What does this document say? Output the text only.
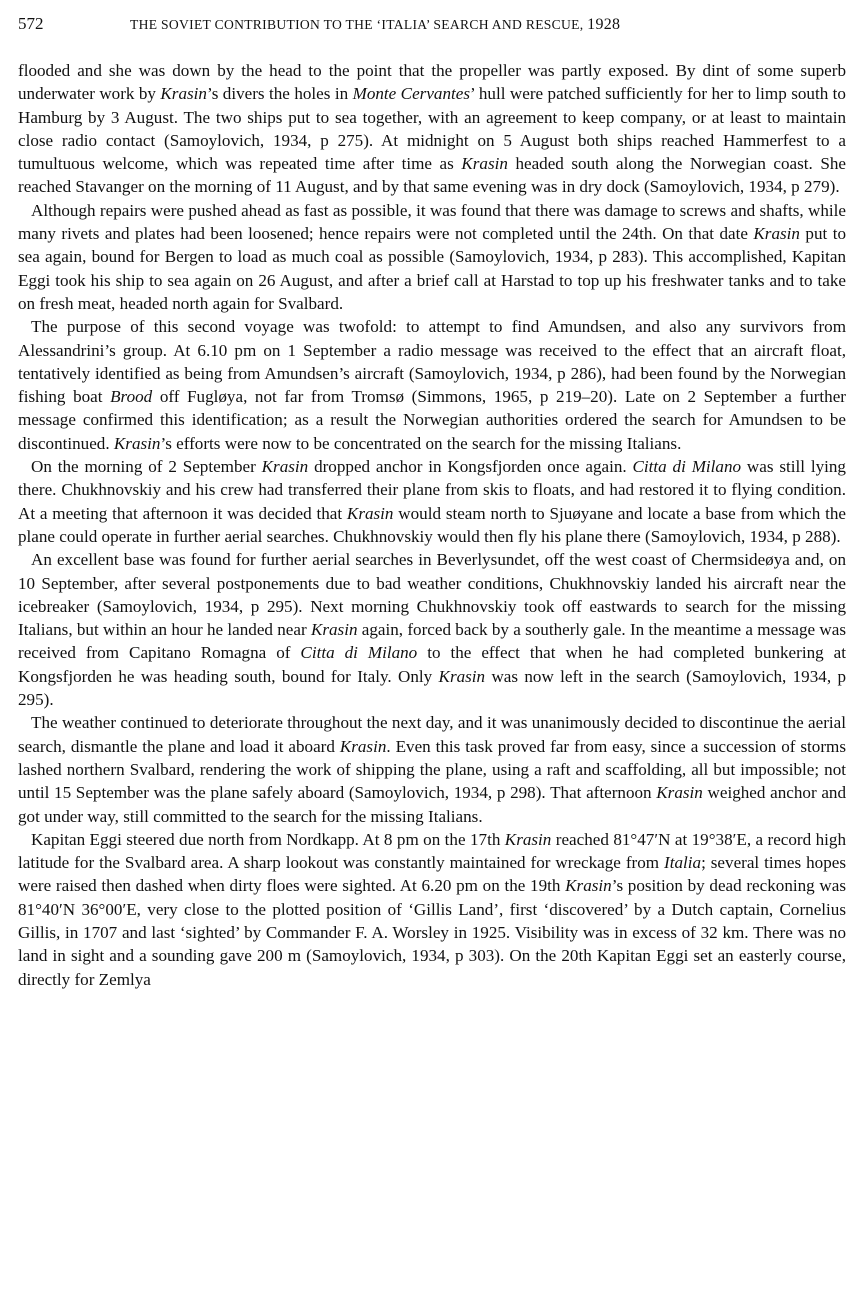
572	THE SOVIET CONTRIBUTION TO THE ‘ITALIA’ SEARCH AND RESCUE, 1928

flooded and she was down by the head to the point that the propeller was partly exposed. By dint of some superb underwater work by Krasin’s divers the holes in Monte Cervantes’ hull were patched sufficiently for her to limp south to Hamburg by 3 August. The two ships put to sea together, with an agreement to keep company, or at least to maintain close radio contact (Samoylovich, 1934, p 275). At midnight on 5 August both ships reached Hammerfest to a tumultuous welcome, which was repeated time after time as Krasin headed south along the Norwegian coast. She reached Stavanger on the morning of 11 August, and by that same evening was in dry dock (Samoylovich, 1934, p 279).

Although repairs were pushed ahead as fast as possible, it was found that there was damage to screws and shafts, while many rivets and plates had been loosened; hence repairs were not completed until the 24th. On that date Krasin put to sea again, bound for Bergen to load as much coal as possible (Samoylovich, 1934, p 283). This accomplished, Kapitan Eggi took his ship to sea again on 26 August, and after a brief call at Harstad to top up his freshwater tanks and to take on fresh meat, headed north again for Svalbard.

The purpose of this second voyage was twofold: to attempt to find Amundsen, and also any survivors from Alessandrini’s group. At 6.10 pm on 1 September a radio message was received to the effect that an aircraft float, tentatively identified as being from Amundsen’s aircraft (Samoylovich, 1934, p 286), had been found by the Norwegian fishing boat Brood off Fugløya, not far from Tromsø (Simmons, 1965, p 219–20). Late on 2 September a further message confirmed this identification; as a result the Norwegian authorities ordered the search for Amundsen to be discontinued. Krasin’s efforts were now to be concentrated on the search for the missing Italians.

On the morning of 2 September Krasin dropped anchor in Kongsfjorden once again. Citta di Milano was still lying there. Chukhnovskiy and his crew had transferred their plane from skis to floats, and had restored it to flying condition. At a meeting that afternoon it was decided that Krasin would steam north to Sjuøyane and locate a base from which the plane could operate in further aerial searches. Chukhnovskiy would then fly his plane there (Samoylovich, 1934, p 288).

An excellent base was found for further aerial searches in Beverlysundet, off the west coast of Chermsideøya and, on 10 September, after several postponements due to bad weather conditions, Chukhnovskiy landed his aircraft near the icebreaker (Samoylovich, 1934, p 295). Next morning Chukhnovskiy took off eastwards to search for the missing Italians, but within an hour he landed near Krasin again, forced back by a southerly gale. In the meantime a message was received from Capitano Romagna of Citta di Milano to the effect that when he had completed bunkering at Kongsfjorden he was heading south, bound for Italy. Only Krasin was now left in the search (Samoylovich, 1934, p 295).

The weather continued to deteriorate throughout the next day, and it was unanimously decided to discontinue the aerial search, dismantle the plane and load it aboard Krasin. Even this task proved far from easy, since a succession of storms lashed northern Svalbard, rendering the work of shipping the plane, using a raft and scaffolding, all but impossible; not until 15 September was the plane safely aboard (Samoylovich, 1934, p 298). That afternoon Krasin weighed anchor and got under way, still committed to the search for the missing Italians.

Kapitan Eggi steered due north from Nordkapp. At 8 pm on the 17th Krasin reached 81°47′N at 19°38′E, a record high latitude for the Svalbard area. A sharp lookout was constantly maintained for wreckage from Italia; several times hopes were raised then dashed when dirty floes were sighted. At 6.20 pm on the 19th Krasin’s position by dead reckoning was 81°40′N 36°00′E, very close to the plotted position of ‘Gillis Land’, first ‘discovered’ by a Dutch captain, Cornelius Gillis, in 1707 and last ‘sighted’ by Commander F. A. Worsley in 1925. Visibility was in excess of 32 km. There was no land in sight and a sounding gave 200 m (Samoylovich, 1934, p 303). On the 20th Kapitan Eggi set an easterly course, directly for Zemlya
